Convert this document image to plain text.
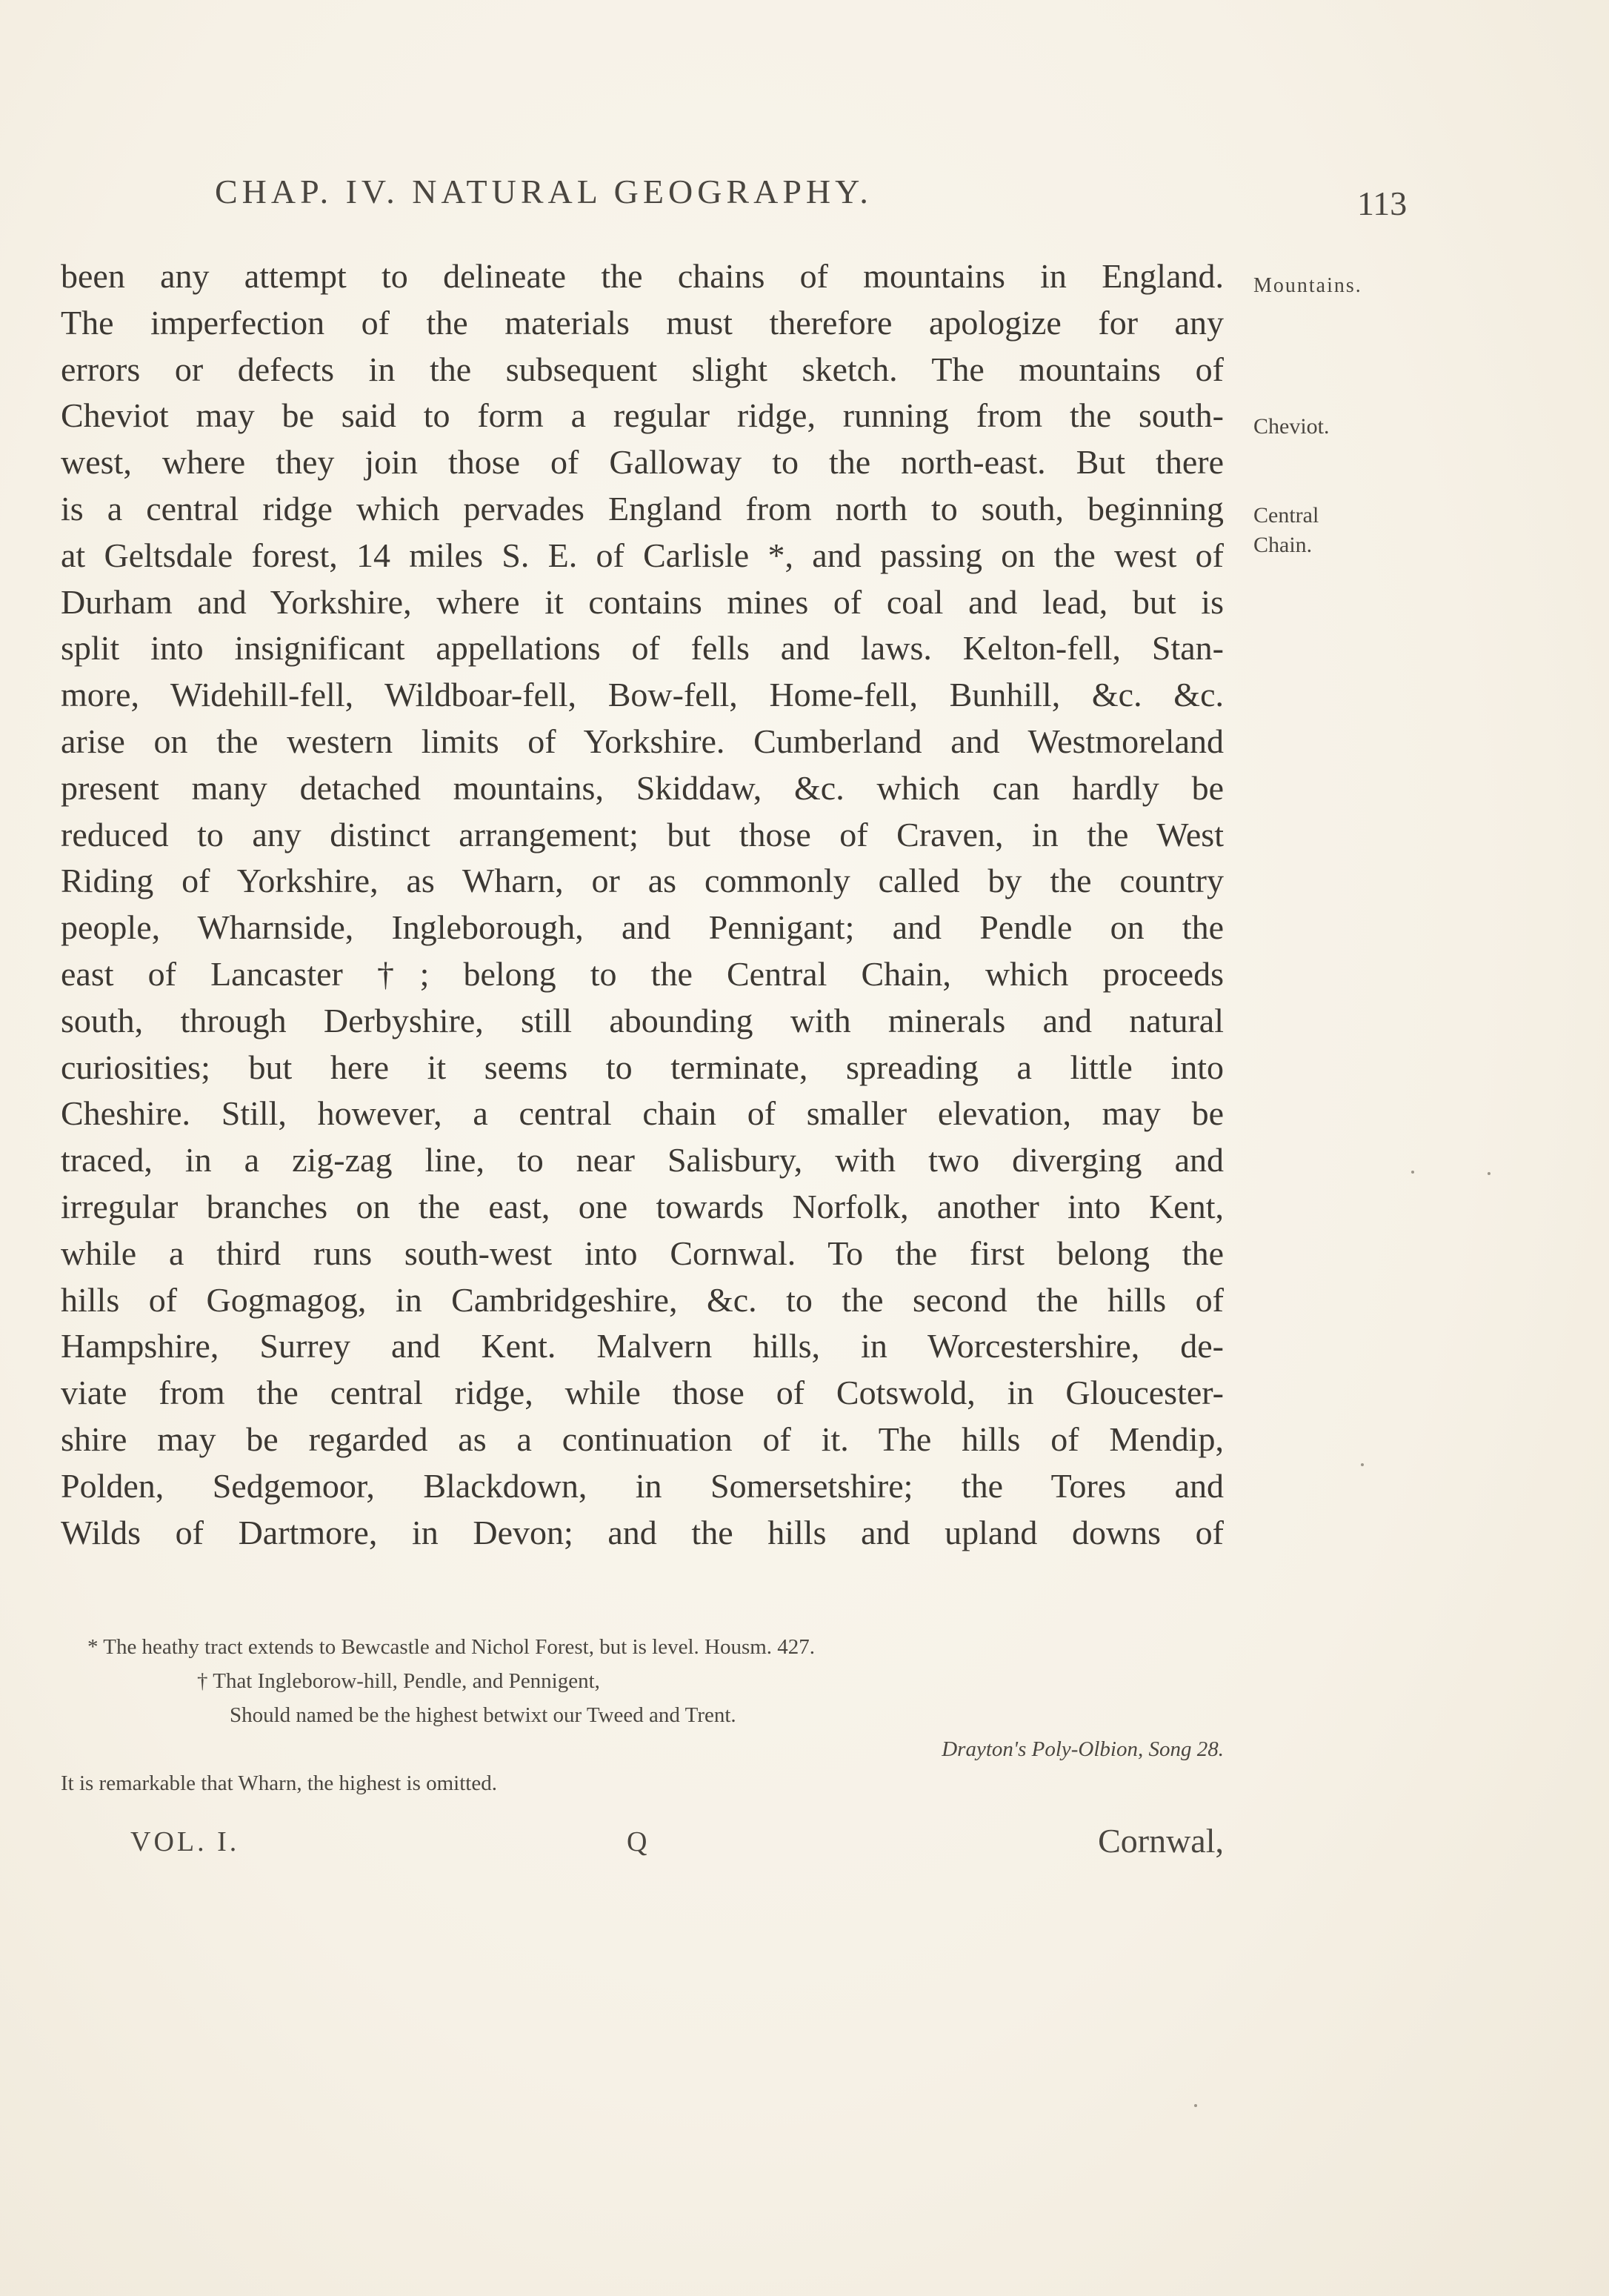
CHAP. IV. NATURAL GEOGRAPHY.	113
Mountains.
Cheviot.
Central
Chain.
been any attempt to delineate the chains of mountains in England.
The imperfection of the materials must therefore apologize for any
errors or defects in the subsequent slight sketch. The mountains of
Cheviot may be said to form a regular ridge, running from the south-
west, where they join those of Galloway to the north-east. But there
is a central ridge which pervades England from north to south, beginning
at Geltsdale forest, 14 miles S. E. of Carlisle *, and passing on the west of
Durham and Yorkshire, where it contains mines of coal and lead, but is
split into insignificant appellations of fells and laws. Kelton-fell, Stan-
more, Widehill-fell, Wildboar-fell, Bow-fell, Home-fell, Bunhill, &c. &c.
arise on the western limits of Yorkshire. Cumberland and Westmoreland
present many detached mountains, Skiddaw, &c. which can hardly be
reduced to any distinct arrangement; but those of Craven, in the West
Riding of Yorkshire, as Wharn, or as commonly called by the country
people, Wharnside, Ingleborough, and Pennigant; and Pendle on the
east of Lancaster †; belong to the Central Chain, which proceeds
south, through Derbyshire, still abounding with minerals and natural
curiosities; but here it seems to terminate, spreading a little into
Cheshire. Still, however, a central chain of smaller elevation, may be
traced, in a zig-zag line, to near Salisbury, with two diverging and
irregular branches on the east, one towards Norfolk, another into Kent,
while a third runs south-west into Cornwal. To the first belong the
hills of Gogmagog, in Cambridgeshire, &c. to the second the hills of
Hampshire, Surrey and Kent. Malvern hills, in Worcestershire, de-
viate from the central ridge, while those of Cotswold, in Gloucester-
shire may be regarded as a continuation of it. The hills of Mendip,
Polden, Sedgemoor, Blackdown, in Somersetshire; the Tores and
Wilds of Dartmore, in Devon; and the hills and upland downs of
* The heathy tract extends to Bewcastle and Nichol Forest, but is level. Housm. 427.
† That Ingleborow-hill, Pendle, and Pennigent,
Should named be the highest betwixt our Tweed and Trent.
Drayton's Poly-Olbion, Song 28.
It is remarkable that Wharn, the highest is omitted.
VOL. I.	Q	Cornwal,
